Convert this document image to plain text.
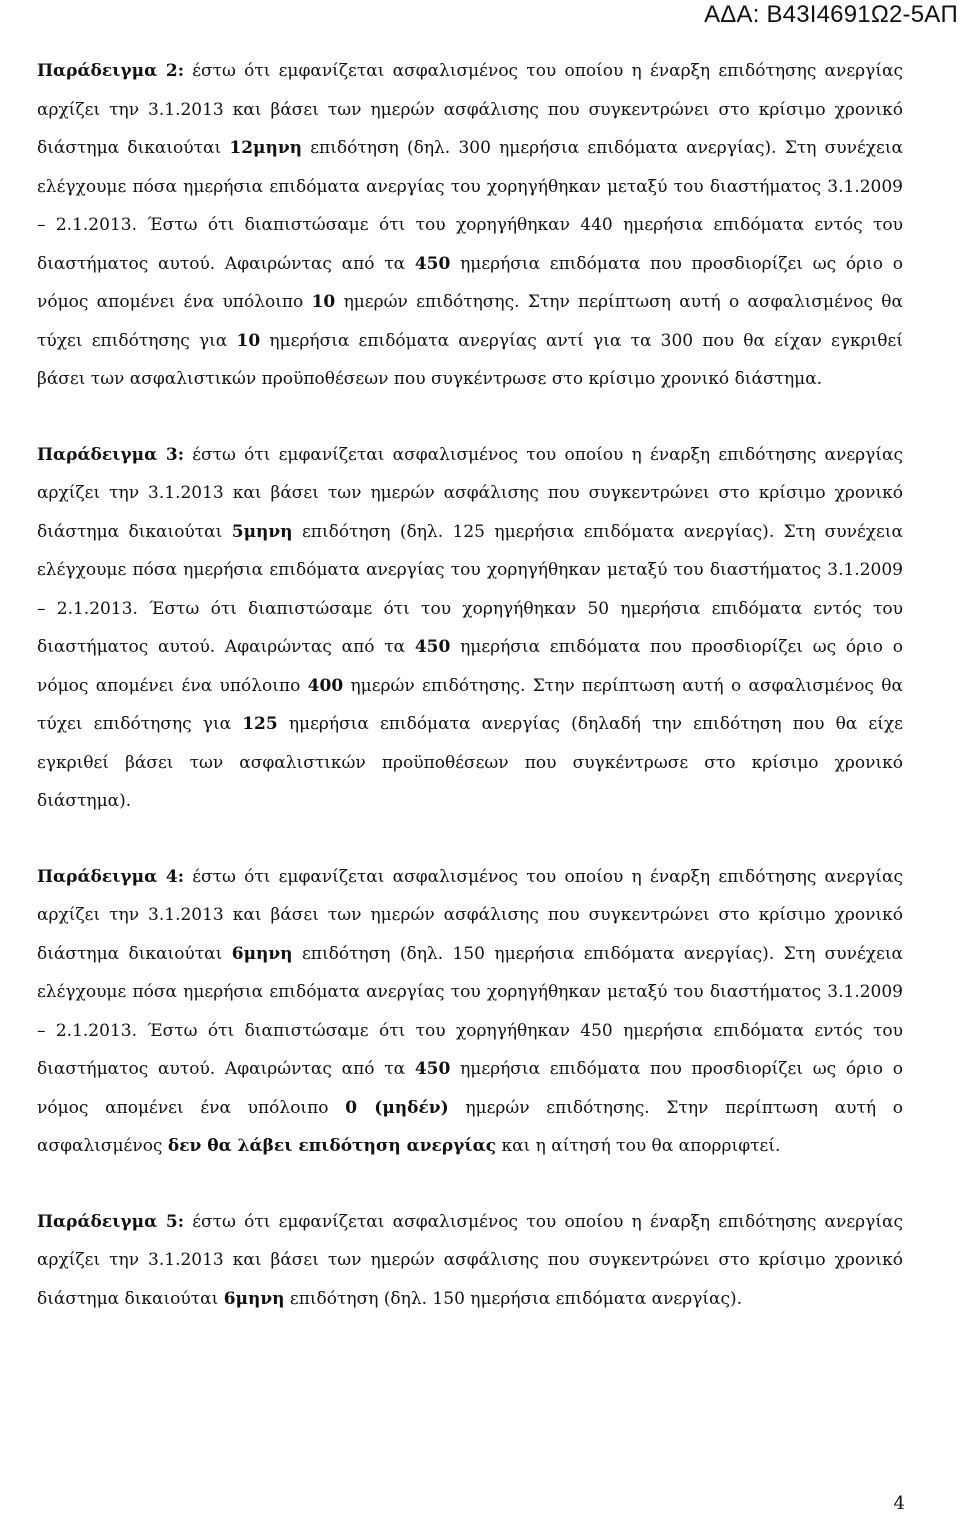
ΑΔΑ: Β43Ι4691Ω2-5ΑΠ

Παράδειγμα 2: έστω ότι εμφανίζεται ασφαλισμένος του οποίου η έναρξη επιδότησης ανεργίας αρχίζει την 3.1.2013 και βάσει των ημερών ασφάλισης που συγκεντρώνει στο κρίσιμο χρονικό διάστημα δικαιούται 12μηνη επιδότηση (δηλ. 300 ημερήσια επιδόματα ανεργίας). Στη συνέχεια ελέγχουμε πόσα ημερήσια επιδόματα ανεργίας του χορηγήθηκαν μεταξύ του διαστήματος 3.1.2009 – 2.1.2013. Έστω ότι διαπιστώσαμε ότι του χορηγήθηκαν 440 ημερήσια επιδόματα εντός του διαστήματος αυτού. Αφαιρώντας από τα 450 ημερήσια επιδόματα που προσδιορίζει ως όριο ο νόμος απομένει ένα υπόλοιπο 10 ημερών επιδότησης. Στην περίπτωση αυτή ο ασφαλισμένος θα τύχει επιδότησης για 10 ημερήσια επιδόματα ανεργίας αντί για τα 300 που θα είχαν εγκριθεί βάσει των ασφαλιστικών προϋποθέσεων που συγκέντρωσε στο κρίσιμο χρονικό διάστημα.

Παράδειγμα 3: έστω ότι εμφανίζεται ασφαλισμένος του οποίου η έναρξη επιδότησης ανεργίας αρχίζει την 3.1.2013 και βάσει των ημερών ασφάλισης που συγκεντρώνει στο κρίσιμο χρονικό διάστημα δικαιούται 5μηνη επιδότηση (δηλ. 125 ημερήσια επιδόματα ανεργίας). Στη συνέχεια ελέγχουμε πόσα ημερήσια επιδόματα ανεργίας του χορηγήθηκαν μεταξύ του διαστήματος 3.1.2009 – 2.1.2013. Έστω ότι διαπιστώσαμε ότι του χορηγήθηκαν 50 ημερήσια επιδόματα εντός του διαστήματος αυτού. Αφαιρώντας από τα 450 ημερήσια επιδόματα που προσδιορίζει ως όριο ο νόμος απομένει ένα υπόλοιπο 400 ημερών επιδότησης. Στην περίπτωση αυτή ο ασφαλισμένος θα τύχει επιδότησης για 125 ημερήσια επιδόματα ανεργίας (δηλαδή την επιδότηση που θα είχε εγκριθεί βάσει των ασφαλιστικών προϋποθέσεων που συγκέντρωσε στο κρίσιμο χρονικό διάστημα).

Παράδειγμα 4: έστω ότι εμφανίζεται ασφαλισμένος του οποίου η έναρξη επιδότησης ανεργίας αρχίζει την 3.1.2013 και βάσει των ημερών ασφάλισης που συγκεντρώνει στο κρίσιμο χρονικό διάστημα δικαιούται 6μηνη επιδότηση (δηλ. 150 ημερήσια επιδόματα ανεργίας). Στη συνέχεια ελέγχουμε πόσα ημερήσια επιδόματα ανεργίας του χορηγήθηκαν μεταξύ του διαστήματος 3.1.2009 – 2.1.2013. Έστω ότι διαπιστώσαμε ότι του χορηγήθηκαν 450 ημερήσια επιδόματα εντός του διαστήματος αυτού. Αφαιρώντας από τα 450 ημερήσια επιδόματα που προσδιορίζει ως όριο ο νόμος απομένει ένα υπόλοιπο 0 (μηδέν) ημερών επιδότησης. Στην περίπτωση αυτή ο ασφαλισμένος δεν θα λάβει επιδότηση ανεργίας και η αίτησή του θα απορριφτεί.

Παράδειγμα 5: έστω ότι εμφανίζεται ασφαλισμένος του οποίου η έναρξη επιδότησης ανεργίας αρχίζει την 3.1.2013 και βάσει των ημερών ασφάλισης που συγκεντρώνει στο κρίσιμο χρονικό διάστημα δικαιούται 6μηνη επιδότηση (δηλ. 150 ημερήσια επιδόματα ανεργίας).

4
